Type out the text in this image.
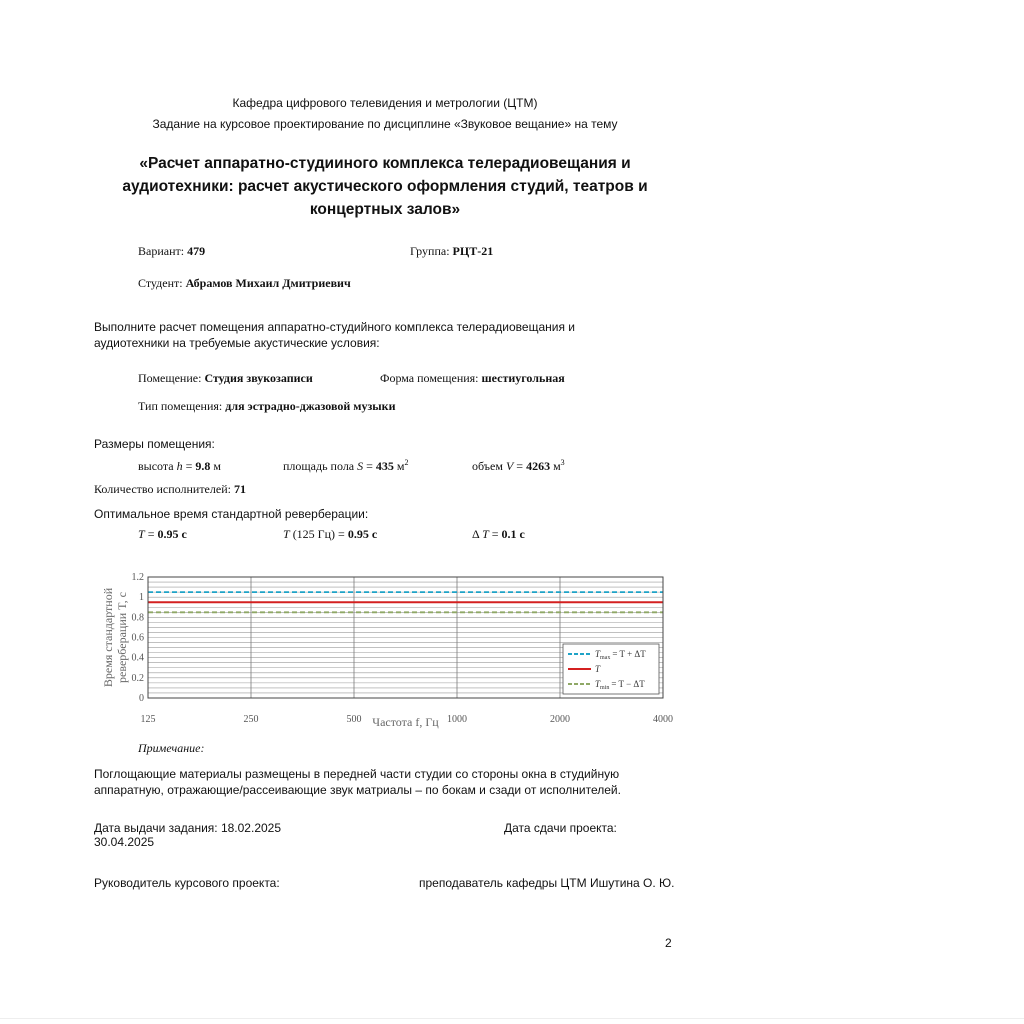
Кафедра цифрового телевидения и метрологии (ЦТМ)
Задание на курсовое проектирование по дисциплине «Звуковое вещание» на тему
«Расчет аппаратно-студииного комплекса телерадиовещания и
аудиотехники: расчет акустического оформления студий, театров и
концертных залов»
Вариант: 479	Группа: РЦТ-21
Студент: Абрамов Михаил Дмитриевич
Выполните расчет помещения аппаратно-студийного комплекса телерадиовещания и
аудиотехники на требуемые акустические условия:
Помещение: Студия звукозаписи	Форма помещения: шестиугольная
Тип помещения: для эстрадно-джазовой музыки
Размеры помещения:
высота h = 9.8 м	площадь пола S = 435 $м^2$	объем V = 4263 $м^3$
Количество исполнителей: 71
Оптимальное время стандартной реверберации:
T = 0.95 с	T (125 Гц) = 0.95 с	Δ T = 0.1 с
0
0.2
0.4
0.6
0.8
1
1.2
125	250	500	1000	2000	4000
Частота f, Гц
Время стандартной реверберации T, с	$T_{max} = T + \Delta T$
T
$T_{min} = T - \Delta T$
Примечание:
Поглощающие материалы размещены в передней части студии со стороны окна в студийную
аппаратную, отражающие/рассеивающие звук матриалы – по бокам и сзади от исполнителей.
Дата выдачи задания: 18.02.2025	Дата сдачи проекта:
30.04.2025
Руководитель курсового проекта:	преподаватель кафедры ЦТМ Ишутина О. Ю.
2
